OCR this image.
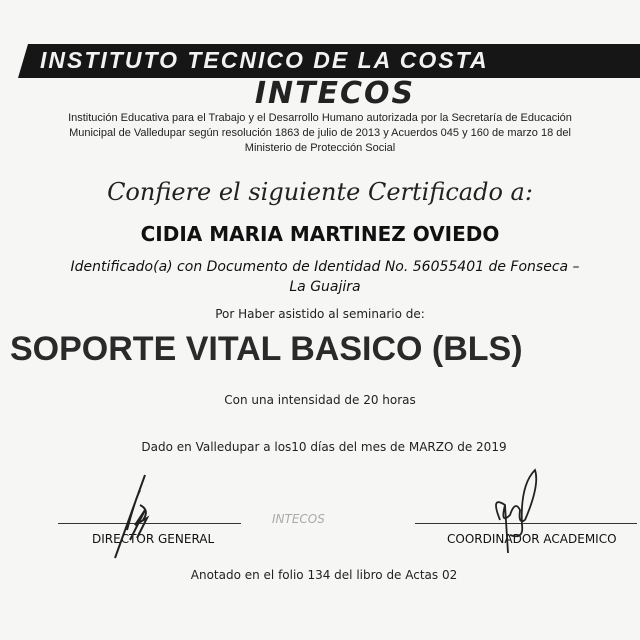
INSTITUTO TECNICO DE LA COSTA
INTECOS
Institución Educativa para el Trabajo y el Desarrollo Humano autorizada por la Secretaría de Educación
Municipal de Valledupar según resolución 1863 de julio de 2013 y Acuerdos 045 y 160 de marzo 18 del
Ministerio de Protección Social
Confiere el siguiente Certificado a:
CIDIA MARIA MARTINEZ OVIEDO
Identificado(a) con Documento de Identidad No. 56055401 de Fonseca –
La Guajira
Por Haber asistido al seminario de:
SOPORTE VITAL BASICO (BLS)
Con una intensidad de 20 horas
Dado en Valledupar a los10 días del mes de MARZO de 2019
DIRECTOR GENERAL
INTECOS
COORDINADOR ACADEMICO
Anotado en el folio 134 del libro de Actas 02
